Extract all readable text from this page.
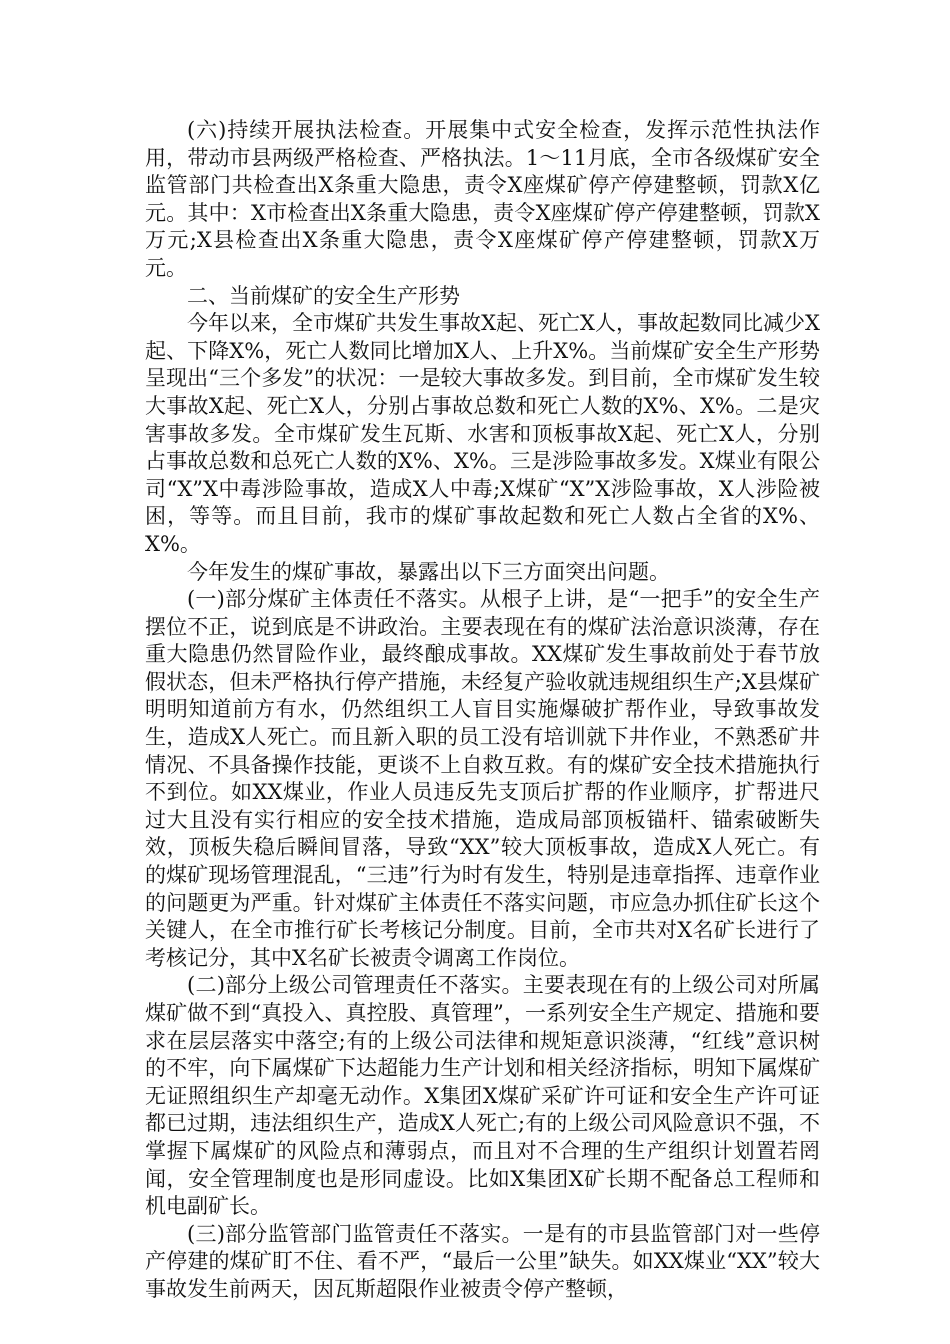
(六)持续开展执法检查。开展集中式安全检查，发挥示范性执法作用，带动市县两级严格检查、严格执法。1～11月底，全市各级煤矿安全监管部门共检查出X条重大隐患，责令X座煤矿停产停建整顿，罚款X亿元。其中：X市检查出X条重大隐患，责令X座煤矿停产停建整顿，罚款X万元;X县检查出X条重大隐患，责令X座煤矿停产停建整顿，罚款X万元。

二、当前煤矿的安全生产形势

今年以来，全市煤矿共发生事故X起、死亡X人，事故起数同比减少X起、下降X%，死亡人数同比增加X人、上升X%。当前煤矿安全生产形势呈现出“三个多发”的状况：一是较大事故多发。到目前，全市煤矿发生较大事故X起、死亡X人，分别占事故总数和死亡人数的X%、X%。二是灾害事故多发。全市煤矿发生瓦斯、水害和顶板事故X起、死亡X人，分别占事故总数和总死亡人数的X%、X%。三是涉险事故多发。X煤业有限公司“X”X中毒涉险事故，造成X人中毒;X煤矿“X”X涉险事故，X人涉险被困，等等。而且目前，我市的煤矿事故起数和死亡人数占全省的X%、X%。

今年发生的煤矿事故，暴露出以下三方面突出问题。

(一)部分煤矿主体责任不落实。从根子上讲，是“一把手”的安全生产摆位不正，说到底是不讲政治。主要表现在有的煤矿法治意识淡薄，存在重大隐患仍然冒险作业，最终酿成事故。XX煤矿发生事故前处于春节放假状态，但未严格执行停产措施，未经复产验收就违规组织生产;X县煤矿明明知道前方有水，仍然组织工人盲目实施爆破扩帮作业，导致事故发生，造成X人死亡。而且新入职的员工没有培训就下井作业，不熟悉矿井情况、不具备操作技能，更谈不上自救互救。有的煤矿安全技术措施执行不到位。如XX煤业，作业人员违反先支顶后扩帮的作业顺序，扩帮进尺过大且没有实行相应的安全技术措施，造成局部顶板锚杆、锚索破断失效，顶板失稳后瞬间冒落，导致“XX”较大顶板事故，造成X人死亡。有的煤矿现场管理混乱，“三违”行为时有发生，特别是违章指挥、违章作业的问题更为严重。针对煤矿主体责任不落实问题，市应急办抓住矿长这个关键人，在全市推行矿长考核记分制度。目前，全市共对X名矿长进行了考核记分，其中X名矿长被责令调离工作岗位。

(二)部分上级公司管理责任不落实。主要表现在有的上级公司对所属煤矿做不到“真投入、真控股、真管理”，一系列安全生产规定、措施和要求在层层落实中落空;有的上级公司法律和规矩意识淡薄，“红线”意识树的不牢，向下属煤矿下达超能力生产计划和相关经济指标，明知下属煤矿无证照组织生产却毫无动作。X集团X煤矿采矿许可证和安全生产许可证都已过期，违法组织生产，造成X人死亡;有的上级公司风险意识不强，不掌握下属煤矿的风险点和薄弱点，而且对不合理的生产组织计划置若罔闻，安全管理制度也是形同虚设。比如X集团X矿长期不配备总工程师和机电副矿长。

(三)部分监管部门监管责任不落实。一是有的市县监管部门对一些停产停建的煤矿盯不住、看不严，“最后一公里”缺失。如XX煤业“XX”较大事故发生前两天，因瓦斯超限作业被责令停产整顿，
